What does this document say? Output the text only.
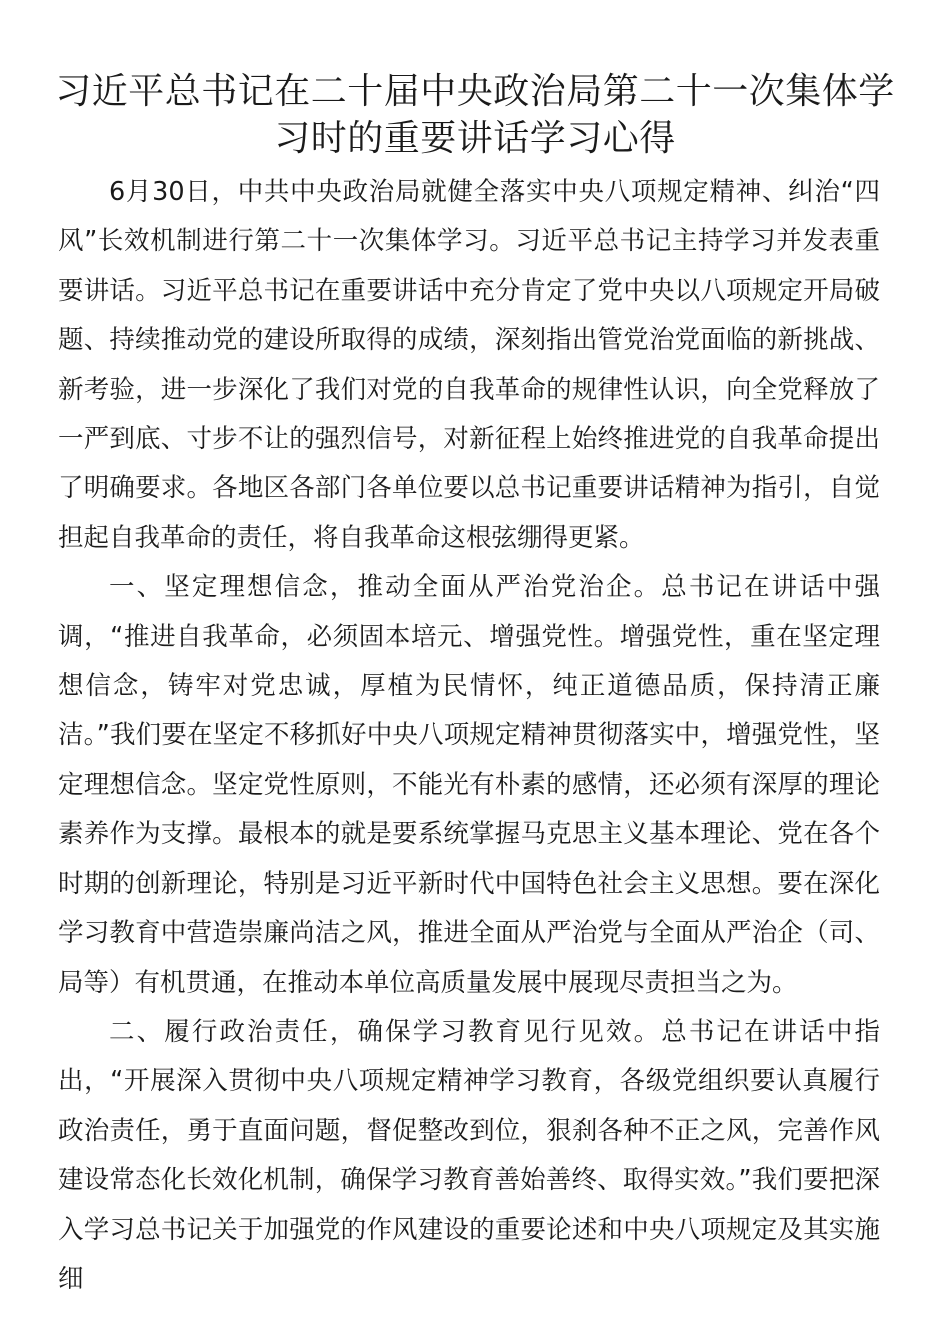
习近平总书记在二十届中央政治局第二十一次集体学习时的重要讲话学习心得

6月30日，中共中央政治局就健全落实中央八项规定精神、纠治“四风”长效机制进行第二十一次集体学习。习近平总书记主持学习并发表重要讲话。习近平总书记在重要讲话中充分肯定了党中央以八项规定开局破题、持续推动党的建设所取得的成绩，深刻指出管党治党面临的新挑战、新考验，进一步深化了我们对党的自我革命的规律性认识，向全党释放了一严到底、寸步不让的强烈信号，对新征程上始终推进党的自我革命提出了明确要求。各地区各部门各单位要以总书记重要讲话精神为指引，自觉担起自我革命的责任，将自我革命这根弦绷得更紧。

一、坚定理想信念，推动全面从严治党治企。总书记在讲话中强调，“推进自我革命，必须固本培元、增强党性。增强党性，重在坚定理想信念，铸牢对党忠诚，厚植为民情怀，纯正道德品质，保持清正廉洁。”我们要在坚定不移抓好中央八项规定精神贯彻落实中，增强党性，坚定理想信念。坚定党性原则，不能光有朴素的感情，还必须有深厚的理论素养作为支撑。最根本的就是要系统掌握马克思主义基本理论、党在各个时期的创新理论，特别是习近平新时代中国特色社会主义思想。要在深化学习教育中营造崇廉尚洁之风，推进全面从严治党与全面从严治企（司、局等）有机贯通，在推动本单位高质量发展中展现尽责担当之为。

二、履行政治责任，确保学习教育见行见效。总书记在讲话中指出，“开展深入贯彻中央八项规定精神学习教育，各级党组织要认真履行政治责任，勇于直面问题，督促整改到位，狠刹各种不正之风，完善作风建设常态化长效化机制，确保学习教育善始善终、取得实效。”我们要把深入学习总书记关于加强党的作风建设的重要论述和中央八项规定及其实施细
